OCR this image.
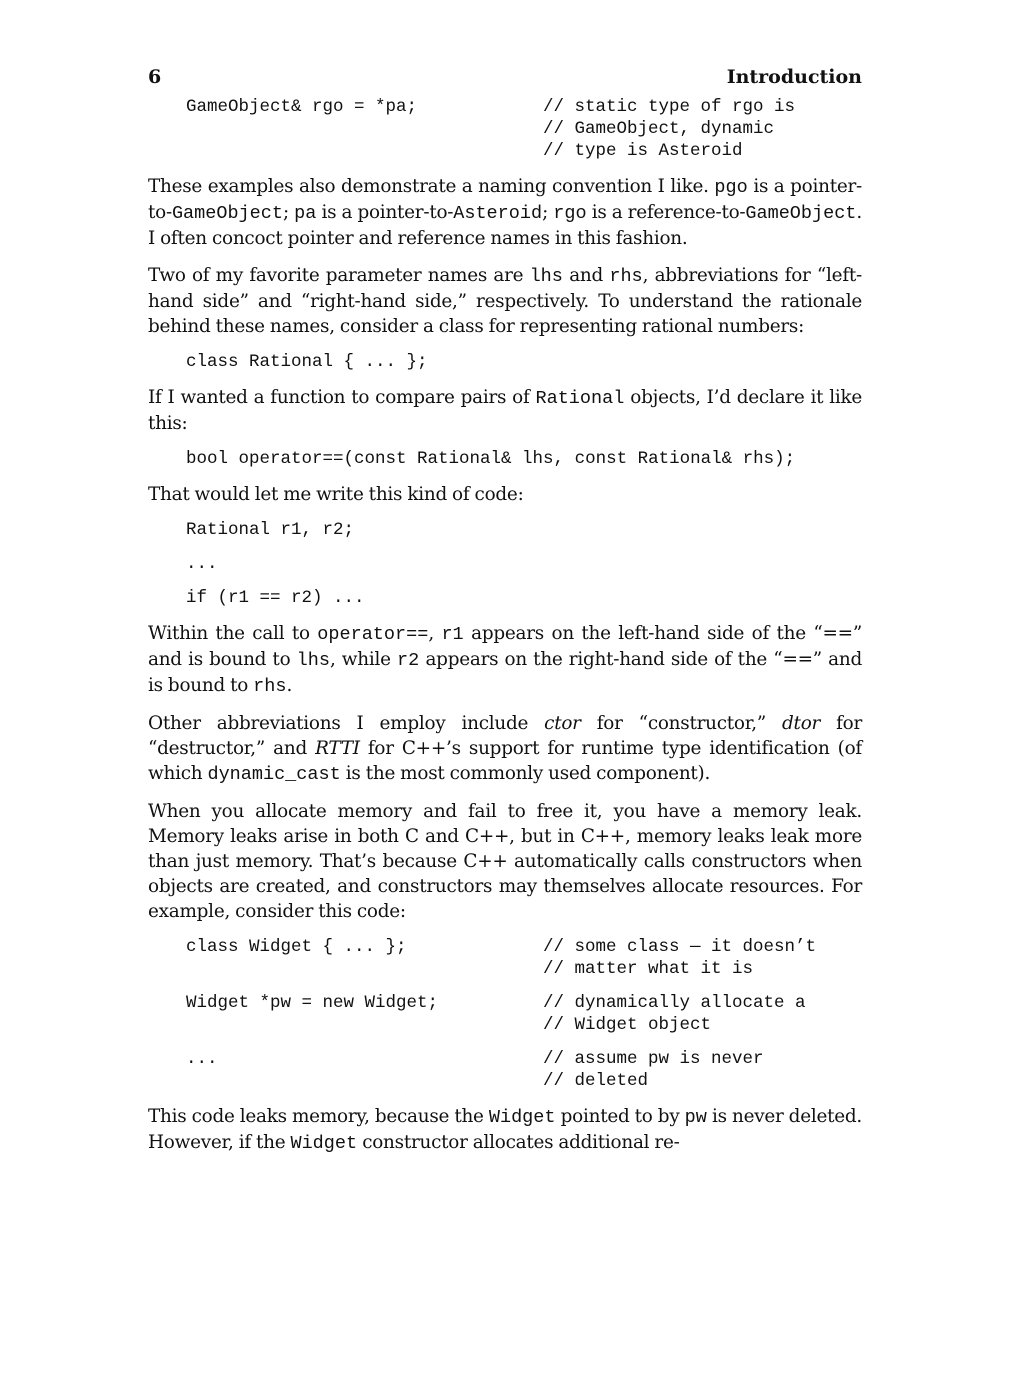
6	Introduction
GameObject& rgo = *pa;	// static type of rgo is
// GameObject, dynamic
// type is Asteroid

These examples also demonstrate a naming convention I like. pgo is a pointer-to-GameObject; pa is a pointer-to-Asteroid; rgo is a reference-to-GameObject. I often concoct pointer and reference names in this fashion.

Two of my favorite parameter names are lhs and rhs, abbreviations for “left-hand side” and “right-hand side,” respectively. To understand the rationale behind these names, consider a class for representing rational numbers:

class Rational { ... };

If I wanted a function to compare pairs of Rational objects, I’d declare it like this:

bool operator==(const Rational& lhs, const Rational& rhs);

That would let me write this kind of code:

Rational r1, r2;
...
if (r1 == r2) ...

Within the call to operator==, r1 appears on the left-hand side of the “==” and is bound to lhs, while r2 appears on the right-hand side of the “==” and is bound to rhs.

Other abbreviations I employ include ctor for “constructor,” dtor for “destructor,” and RTTI for C++’s support for runtime type identification (of which dynamic_cast is the most commonly used component).

When you allocate memory and fail to free it, you have a memory leak. Memory leaks arise in both C and C++, but in C++, memory leaks leak more than just memory. That’s because C++ automatically calls constructors when objects are created, and constructors may themselves allocate resources. For example, consider this code:

class Widget { ... };	// some class — it doesn’t
// matter what it is
Widget *pw = new Widget;	// dynamically allocate a
// Widget object
...	// assume pw is never
// deleted

This code leaks memory, because the Widget pointed to by pw is never deleted. However, if the Widget constructor allocates additional re-
